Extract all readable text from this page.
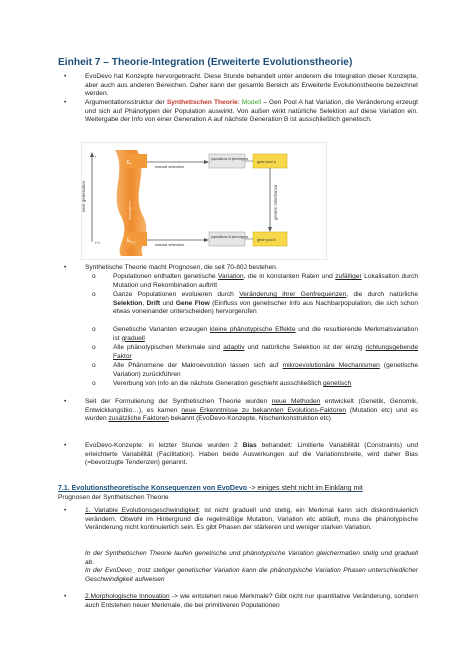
Einheit 7 – Theorie-Integration (Erweiterte Evolutionstheorie)
•	EvoDevo hat Konzepte hervorgebracht. Diese Stunde behandelt unter anderem die Integration dieser Konzepte, aber auch aus anderen Bereichen. Daher kann der gesamte Bereich als Erweiterte Evolutionstheorie bezeichnet werden.
•	Argumentationsstruktur der Synthetischen Theorie: Modell – Gen Pool A hat Variation, die Veränderung erzeugt und sich auf Phänotypen der Population auswirkt. Von außen wirkt natürliche Selektion auf diese Variation ein. Weitergabe der Info von einer Generation A auf nächste Generation B ist ausschließlich genetisch.
next generation
t
t+1
development
$E_t$
$E_{t+1}$
natural selection
natural selection
populations of phenotypes
gene pool a
populations of phenotypes
gene pool b
genetic inheritance
•	Synthetische Theorie macht Prognosen, die seit 70-80J bestehen.
o	Populationen enthalten genetische Variation, die in konstanten Raten und zufälliger Lokalisation durch Mutation und Rekombination auftritt
o	Ganze Populationen evoluieren durch Veränderung ihrer Genfrequenzen, die durch natürliche Selektion, Drift und Gene Flow (Einfluss von genetischer Info aus Nachbarpopulation, die sich schon etwas voneinander unterscheiden) hervorgerufen
o	Genetische Varianten erzeugen kleine phänotypische Effekte und die resultierende Merkmalsvariation ist graduell
o	Alle phänotypischen Merkmale sind adaptiv und natürliche Selektion ist der einzig richtungsgebende Faktor
o	Alle Phänomene der Makroevolution lassen sich auf mikroevolutionäre Mechanismen (genetische Variation) zurückführen
o	Vererbung von Info an die nächste Generation geschieht ausschließlich genetisch
•	Seit der Formulierung der Synthetischen Theorie wurden neue Methoden entwickelt (Genetik, Genomik, Entwicklungsbio…), es kamen neue Erkenntnisse zu bekannten Evolutions-Faktoren (Mutation etc) und es wurden zusätzliche Faktoren bekannt (EvoDevo-Konzepte, Nischenkonstruktion etc)
•	EvoDevo-Konzepte: in letzter Stunde wurden 2 Bias behandelt: Limitierte Variabilität (Constraints) und erleichterte Variabilität (Facilitation). Haben beide Auswirkungen auf die Variationsbreite, wird daher Bias (=bevorzugte Tendenzen) genannt.
7.1. Evolutionstheoretische Konsequenzen von EvoDevo -> einiges steht nicht im Einklang mit
Prognosen der Synthetischen Theorie
•	1. Variable Evolutionsgeschwindigkeit: ist nicht graduell und stetig, ein Merkmal kann sich diskontinuierlich verändern. Obwohl im Hintergrund die regelmäßige Mutation, Variation etc abläuft, muss die phänotypische Veränderung nicht kontinuierlich sein. Es gibt Phasen der stärkeren und weniger starken Variation.
In der Synthetischen Theorie laufen genetische und phänotypische Variation gleichermaßen stetig und graduell ab.
In der EvoDevo_ trotz stetiger genetischer Variation kann die phänotypische Variation Phasen unterschiedlicher Geschwindigkeit aufweisen
•	2.Morphologische Innovation -> wie entstehen neue Merkmale? Gibt nicht nur quantitative Veränderung, sondern auch Entstehen neuer Merkmale, die bei primitiveren Populationen
